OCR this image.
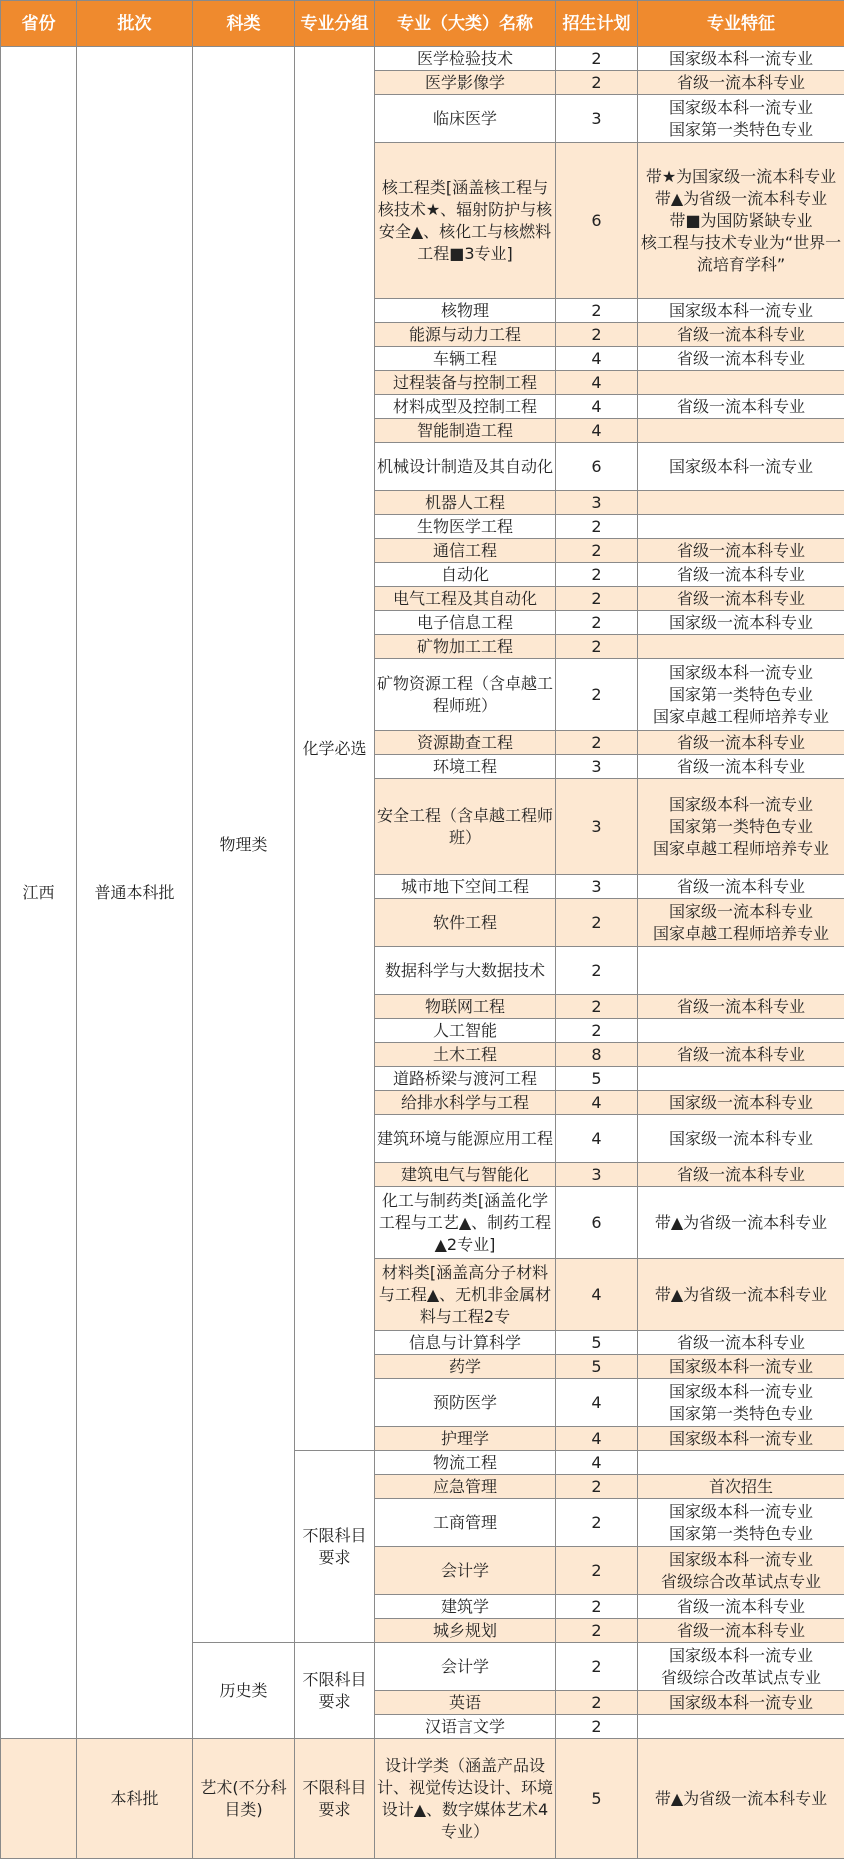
省份	批次	科类	专业分组	专业（大类）名称	招生计划	专业特征
江西	普通本科批	物理类	化学必选	医学检验技术	2	国家级本科一流专业
				医学影像学	2	省级一流本科专业
				临床医学	3	国家级本科一流专业
国家第一类特色专业
				核工程类[涵盖核工程与核技术★、辐射防护与核安全▲、核化工与核燃料工程■3专业]	6	带★为国家级一流本科专业
带▲为省级一流本科专业
带■为国防紧缺专业
核工程与技术专业为“世界一流培育学科”
				核物理	2	国家级本科一流专业
				能源与动力工程	2	省级一流本科专业
				车辆工程	4	省级一流本科专业
				过程装备与控制工程	4	
				材料成型及控制工程	4	省级一流本科专业
				智能制造工程	4	
				机械设计制造及其自动化	6	国家级本科一流专业
				机器人工程	3	
				生物医学工程	2	
				通信工程	2	省级一流本科专业
				自动化	2	省级一流本科专业
				电气工程及其自动化	2	省级一流本科专业
				电子信息工程	2	国家级一流本科专业
				矿物加工工程	2	
				矿物资源工程（含卓越工程师班）	2	国家级本科一流专业
国家第一类特色专业
国家卓越工程师培养专业
				资源勘查工程	2	省级一流本科专业
				环境工程	3	省级一流本科专业
				安全工程（含卓越工程师班）	3	国家级本科一流专业
国家第一类特色专业
国家卓越工程师培养专业
				城市地下空间工程	3	省级一流本科专业
				软件工程	2	国家级一流本科专业
国家卓越工程师培养专业
				数据科学与大数据技术	2	
				物联网工程	2	省级一流本科专业
				人工智能	2	
				土木工程	8	省级一流本科专业
				道路桥梁与渡河工程	5	
				给排水科学与工程	4	国家级一流本科专业
				建筑环境与能源应用工程	4	国家级一流本科专业
				建筑电气与智能化	3	省级一流本科专业
				化工与制药类[涵盖化学工程与工艺▲、制药工程▲2专业]	6	带▲为省级一流本科专业
				材料类[涵盖高分子材料与工程▲、无机非金属材料与工程2专	4	带▲为省级一流本科专业
				信息与计算科学	5	省级一流本科专业
				药学	5	国家级本科一流专业
				预防医学	4	国家级本科一流专业
国家第一类特色专业
				护理学	4	国家级本科一流专业
			不限科目要求	物流工程	4	
				应急管理	2	首次招生
				工商管理	2	国家级本科一流专业
国家第一类特色专业
				会计学	2	国家级本科一流专业
省级综合改革试点专业
				建筑学	2	省级一流本科专业
				城乡规划	2	省级一流本科专业
		历史类	不限科目要求	会计学	2	国家级本科一流专业
省级综合改革试点专业
				英语	2	国家级本科一流专业
				汉语言文学	2	
	本科批	艺术(不分科目类)	不限科目要求	设计学类（涵盖产品设计、视觉传达设计、环境设计▲、数字媒体艺术4专业）	5	带▲为省级一流本科专业
